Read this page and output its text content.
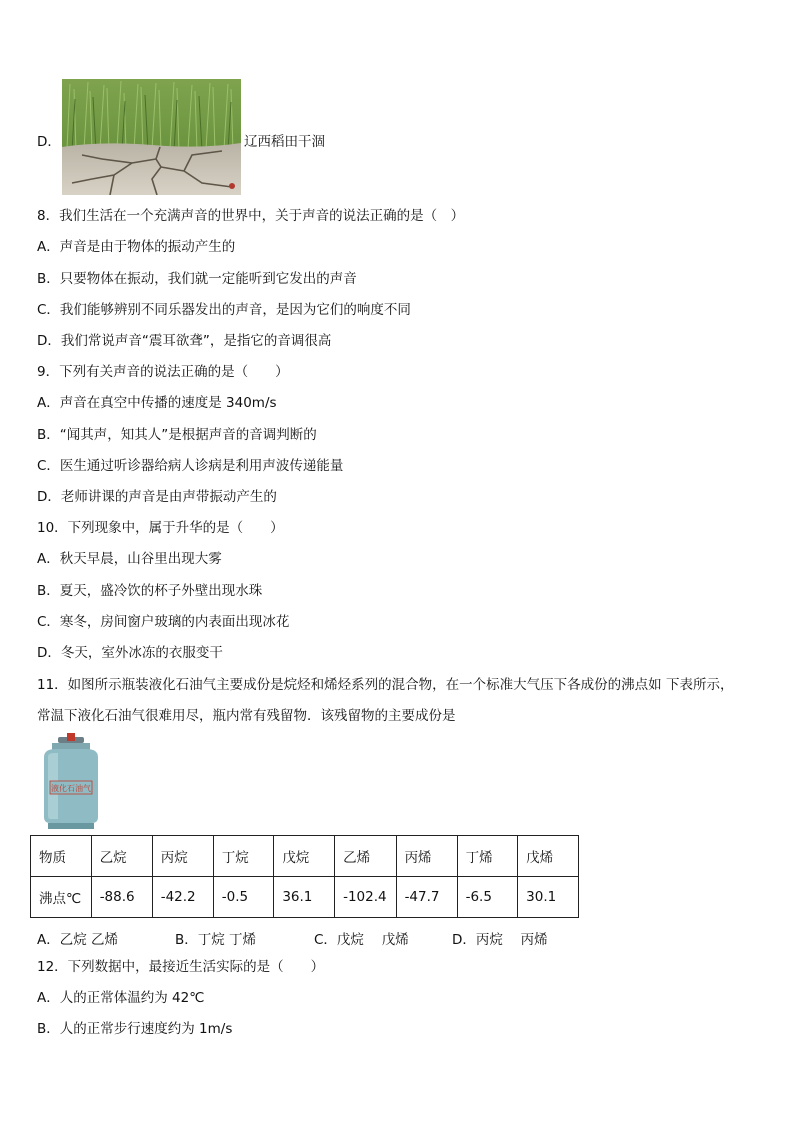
D．	辽西稻田干涸
8．我们生活在一个充满声音的世界中，关于声音的说法正确的是（　）
A．声音是由于物体的振动产生的
B．只要物体在振动，我们就一定能听到它发出的声音
C．我们能够辨别不同乐器发出的声音，是因为它们的响度不同
D．我们常说声音“震耳欲聋”，是指它的音调很高
9．下列有关声音的说法正确的是（　　）
A．声音在真空中传播的速度是 340m/s
B．“闻其声，知其人”是根据声音的音调判断的
C．医生通过听诊器给病人诊病是利用声波传递能量
D．老师讲课的声音是由声带振动产生的
10．下列现象中，属于升华的是（　　）
A．秋天早晨，山谷里出现大雾
B．夏天，盛冷饮的杯子外壁出现水珠
C．寒冬，房间窗户玻璃的内表面出现冰花
D．冬天，室外冰冻的衣服变干
11．如图所示瓶装液化石油气主要成份是烷烃和烯烃系列的混合物，在一个标准大气压下各成份的沸点如 下表所示，
常温下液化石油气很难用尽，瓶内常有残留物．该残留物的主要成份是
液化石油气
物质	乙烷	丙烷	丁烷	戊烷	乙烯	丙烯	丁烯	戊烯
沸点℃	-88.6	-42.2	-0.5	36.1	-102.4	-47.7	-6.5	30.1
A．乙烷 乙烯	B．丁烷 丁烯	C．戊烷　 戊烯	D．丙烷　 丙烯
12．下列数据中，最接近生活实际的是（　　）
A．人的正常体温约为 42℃
B．人的正常步行速度约为 1m/s
